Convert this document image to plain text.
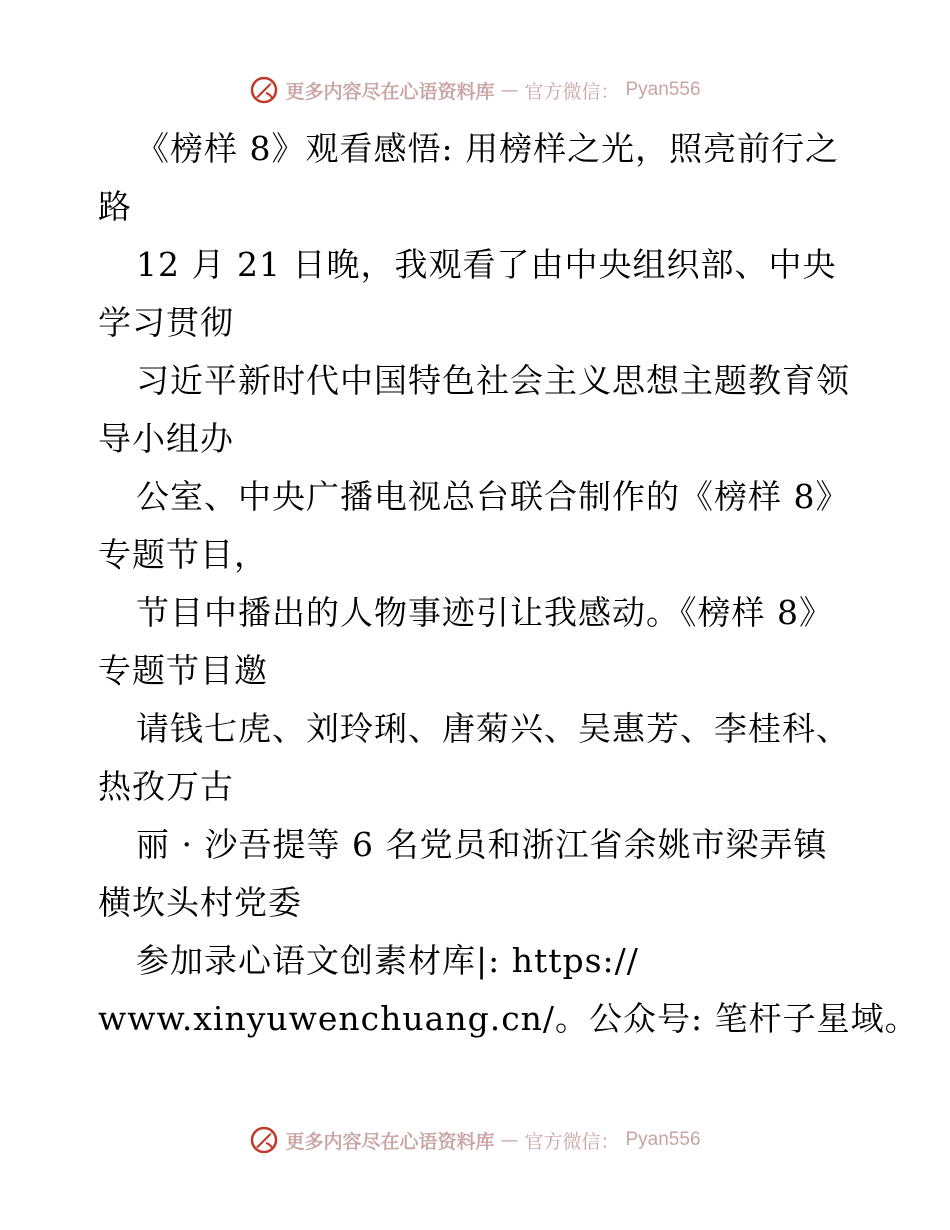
更多内容尽在心语资料库 — 官方微信： Pyan556
《榜样 8》观看感悟: 用榜样之光，照亮前行之
路
12 月 21 日晚，我观看了由中央组织部、中央
学习贯彻
习近平新时代中国特色社会主义思想主题教育领
导小组办
公室、中央广播电视总台联合制作的《榜样 8》
专题节目，
节目中播出的人物事迹引让我感动。《榜样 8》
专题节目邀
请钱七虎、刘玲琍、唐菊兴、吴惠芳、李桂科、
热孜万古
丽 · 沙吾提等 6 名党员和浙江省余姚市梁弄镇
横坎头村党委
参加录心语文创素材库|: https://
www.xinyuwenchuang.cn/。公众号: 笔杆子星域。
更多内容尽在心语资料库 — 官方微信： Pyan556
